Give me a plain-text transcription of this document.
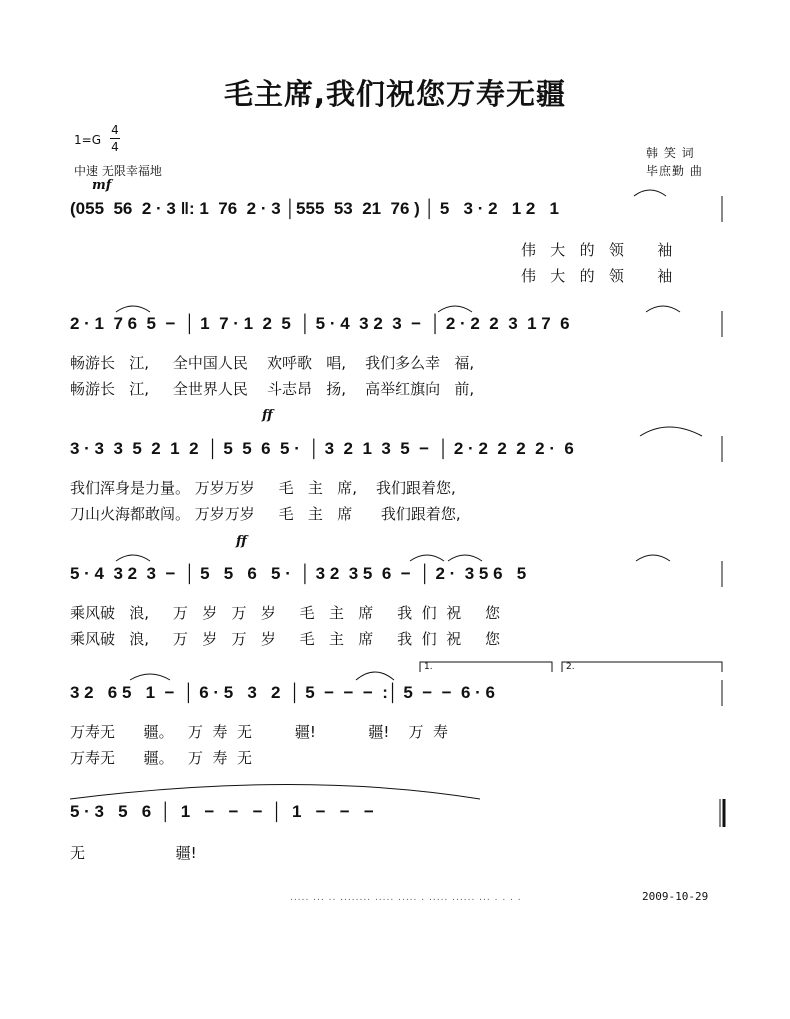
毛主席,我们祝您万寿无疆
1=G
4
4
中速 无限幸福地
韩 笑 词
毕庶勤 曲
mf
ff
ff
1.	2.
(055  56  2 · 3 ‖: 1  76  2 · 3 │555  53  21  76 ) │ 5   3 · 2   1 2   1
伟   大   的   领       袖
伟   大   的   领       袖
2 · 1  7 6  5  −  │ 1  7 · 1  2  5  │ 5 · 4  3 2  3  −  │ 2 · 2  2  3  1 7  6
畅游长   江,     全中国人民    欢呼歌   唱,    我们多么幸   福,
畅游长   江,     全世界人民    斗志昂   扬,    高举红旗向   前,
3 · 3  3  5  2  1  2  │ 5  5  6  5 ·  │ 3  2  1  3  5  −  │ 2 · 2  2  2  2 ·  6
我们浑身是力量。 万岁万岁     毛   主   席,    我们跟着您,
刀山火海都敢闯。 万岁万岁     毛   主   席      我们跟着您,
5 · 4  3 2  3  −  │ 5   5   6   5 ·  │ 3 2  3 5  6  −  │ 2 ·  3 5 6   5
乘风破   浪,     万   岁   万   岁     毛   主   席     我  们  祝     您
乘风破   浪,     万   岁   万   岁     毛   主   席     我  们  祝     您
3 2   6 5   1  −  │ 6 · 5   3   2  │ 5  −  −  −  :│ 5  −  −  6 · 6
万寿无      疆。   万  寿  无         疆!           疆!    万  寿
万寿无      疆。   万  寿  无
5 · 3   5   6  │  1   −   −   −  │  1   −   −   −
无                   疆!
..... ... .. ........ ..... ..... . ..... ...... ... . . . .	2009-10-29
